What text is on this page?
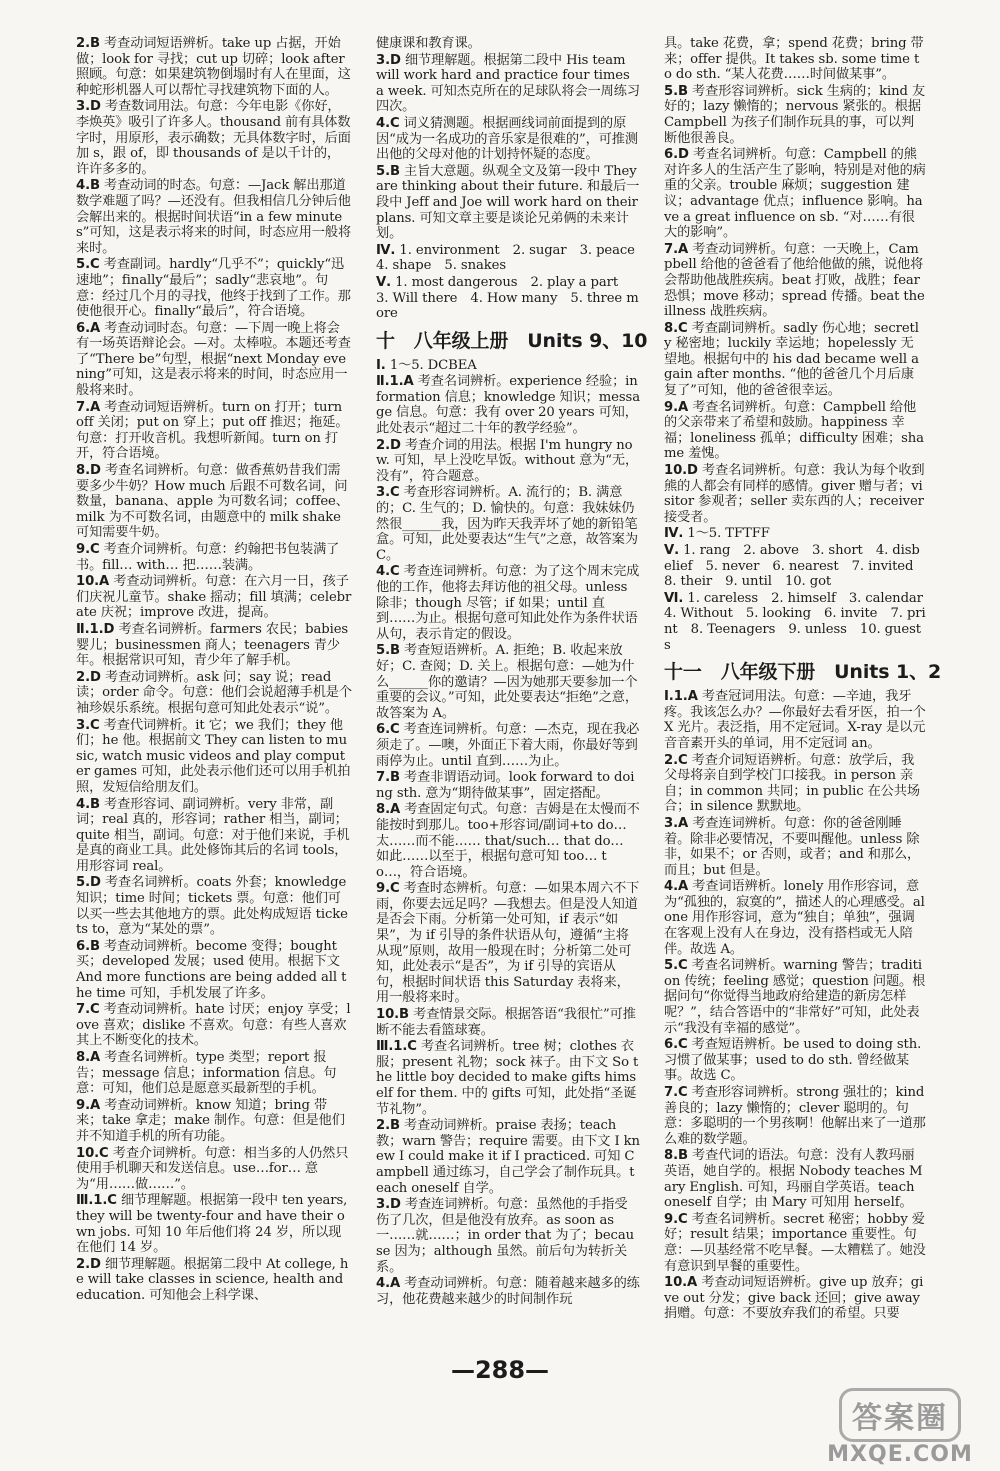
2.B 考查动词短语辨析。take up 占据，开始做；look for 寻找；cut up 切碎；look after 照顾。句意：如果建筑物倒塌时有人在里面，这种蛇形机器人可以帮忙寻找建筑物下面的人。
3.D 考查数词用法。句意：今年电影《你好，李焕英》吸引了许多人。thousand 前有具体数字时，用原形，表示确数；无具体数字时，后面加 s，跟 of，即 thousands of 是以千计的，许许多多的。
4.B 考查动词的时态。句意：—Jack 解出那道数学难题了吗？—还没有。但我相信几分钟后他会解出来的。根据时间状语“in a few minutes”可知，这是表示将来的时间，时态应用一般将来时。
5.C 考查副词。hardly“几乎不”；quickly“迅速地”；finally“最后”；sadly“悲哀地”。句意：经过几个月的寻找，他终于找到了工作。那使他很开心。finally“最后”，符合语境。
6.A 考查动词时态。句意：—下周一晚上将会有一场英语辩论会。—对。太棒啦。本题还考查了“There be”句型，根据“next Monday evening”可知，这是表示将来的时间，时态应用一般将来时。
7.A 考查动词短语辨析。turn on 打开；turn off 关闭；put on 穿上；put off 推迟；拖延。句意：打开收音机。我想听新闻。turn on 打开，符合语境。
8.D 考查名词辨析。句意：做香蕉奶昔我们需要多少牛奶？How much 后跟不可数名词，问数量，banana、apple 为可数名词；coffee、milk 为不可数名词，由题意中的 milk shake 可知需要牛奶。
9.C 考查介词辨析。句意：约翰把书包装满了书。fill… with… 把……装满。
10.A 考查动词辨析。句意：在六月一日，孩子们庆祝儿童节。shake 摇动；fill 填满；celebrate 庆祝；improve 改进，提高。
Ⅱ.1.D 考查名词辨析。farmers 农民；babies 婴儿；businessmen 商人；teenagers 青少年。根据常识可知，青少年了解手机。
2.D 考查动词辨析。ask 问；say 说；read 读；order 命令。句意：他们会说超薄手机是个袖珍娱乐系统。根据句意可知此处表示“说”。
3.C 考查代词辨析。it 它；we 我们；they 他们；he 他。根据前文 They can listen to music, watch music videos and play computer games 可知，此处表示他们还可以用手机拍照，发短信给朋友们。
4.B 考查形容词、副词辨析。very 非常，副词；real 真的，形容词；rather 相当，副词；quite 相当，副词。句意：对于他们来说，手机是真的商业工具。此处修饰其后的名词 tools，用形容词 real。
5.D 考查名词辨析。coats 外套；knowledge 知识；time 时间；tickets 票。句意：他们可以买一些去其他地方的票。此处构成短语 tickets to，意为“某处的票”。
6.B 考查动词辨析。become 变得；bought 买；developed 发展；used 使用。根据下文 And more functions are being added all the time 可知，手机发展了许多。
7.C 考查动词辨析。hate 讨厌；enjoy 享受；love 喜欢；dislike 不喜欢。句意：有些人喜欢其上不断变化的技术。
8.A 考查名词辨析。type 类型；report 报告；message 信息；information 信息。句意：可知，他们总是愿意买最新型的手机。
9.A 考查动词辨析。know 知道；bring 带来；take 拿走；make 制作。句意：但是他们并不知道手机的所有功能。
10.C 考查介词辨析。句意：相当多的人仍然只使用手机聊天和发送信息。use…for… 意为“用……做……”。
Ⅲ.1.C 细节理解题。根据第一段中 ten years, they will be twenty-four and have their own jobs. 可知 10 年后他们将 24 岁，所以现在他们 14 岁。
2.D 细节理解题。根据第二段中 At college, he will take classes in science, health and education. 可知他会上科学课、
健康课和教育课。
3.D 细节理解题。根据第二段中 His team will work hard and practice four times a week. 可知杰克所在的足球队将会一周练习四次。
4.C 词义猜测题。根据画线词前面提到的原因“成为一名成功的音乐家是很难的”，可推测出他的父母对他的计划持怀疑的态度。
5.B 主旨大意题。纵观全文及第一段中 They are thinking about their future. 和最后一段中 Jeff and Joe will work hard on their plans. 可知文章主要是谈论兄弟俩的未来计划。
Ⅳ. 1. environment　2. sugar　3. peace　4. shape　5. snakes
Ⅴ. 1. most dangerous　2. play a part　3. Will there　4. How many　5. three more
十　八年级上册　Units 9、10
Ⅰ. 1～5. DCBEA
Ⅱ.1.A 考查名词辨析。experience 经验；information 信息；knowledge 知识；message 信息。句意：我有 over 20 years 可知，此处表示“超过二十年的教学经验”。
2.D 考查介词的用法。根据 I'm hungry now. 可知，早上没吃早饭。without 意为“无，没有”，符合题意。
3.C 考查形容词辨析。A. 流行的；B. 满意的；C. 生气的；D. 愉快的。句意：我妹妹仍然很______我，因为昨天我弄坏了她的新铅笔盒。可知，此处要表达“生气”之意，故答案为 C。
4.C 考查连词辨析。句意：为了这个周末完成他的工作，他将去拜访他的祖父母。unless 除非；though 尽管；if 如果；until 直到……为止。根据句意可知此处作为条件状语从句，表示肯定的假设。
5.B 考查短语辨析。A. 拒绝；B. 收起来放好；C. 查阅；D. 关上。根据句意：—她为什么______你的邀请？—因为她那天要参加一个重要的会议。”可知，此处要表达“拒绝”之意，故答案为 A。
6.C 考查连词辨析。句意：—杰克，现在我必须走了。—噢，外面正下着大雨，你最好等到雨停为止。until 直到……为止。
7.B 考查非谓语动词。look forward to doing sth. 意为“期待做某事”，固定搭配。
8.A 考查固定句式。句意：吉姆是在太慢而不能按时到那儿。too+形容词/副词+to do… 太……而不能…… that/such… that do… 如此……以至于，根据句意可知 too… to…，符合语境。
9.C 考查时态辨析。句意：—如果本周六不下雨，你要去远足吗？—我想去。但是没人知道是否会下雨。分析第一处可知，if 表示“如果”，为 if 引导的条件状语从句，遵循“主将从现”原则，故用一般现在时；分析第二处可知，此处表示“是否”，为 if 引导的宾语从句，根据时间状语 this Saturday 表将来，用一般将来时。
10.B 考查情景交际。根据答语“我很忙”可推断不能去看篮球赛。
Ⅲ.1.C 考查名词辨析。tree 树；clothes 衣服；present 礼物；sock 袜子。由下文 So the little boy decided to make gifts himself for them. 中的 gifts 可知，此处指“圣诞节礼物”。
2.B 考查动词辨析。praise 表扬；teach 教；warn 警告；require 需要。由下文 I knew I could make it if I practiced. 可知 Campbell 通过练习，自己学会了制作玩具。teach oneself 自学。
3.D 考查连词辨析。句意：虽然他的手指受伤了几次，但是他没有放弃。as soon as 一……就……；in order that 为了；because 因为；although 虽然。前后句为转折关系。
4.A 考查动词辨析。句意：随着越来越多的练习，他花费越来越少的时间制作玩
具。take 花费，拿；spend 花费；bring 带来；offer 提供。It takes sb. some time to do sth. “某人花费……时间做某事”。
5.B 考查形容词辨析。sick 生病的；kind 友好的；lazy 懒惰的；nervous 紧张的。根据 Campbell 为孩子们制作玩具的事，可以判断他很善良。
6.D 考查名词辨析。句意：Campbell 的熊对许多人的生活产生了影响，特别是对他的病重的父亲。trouble 麻烦；suggestion 建议；advantage 优点；influence 影响。have a great influence on sb. “对……有很大的影响”。
7.A 考查动词辨析。句意：一天晚上，Campbell 给他的爸爸看了他给他做的熊，说他将会帮助他战胜疾病。beat 打败，战胜；fear 恐惧；move 移动；spread 传播。beat the illness 战胜疾病。
8.C 考查副词辨析。sadly 伤心地；secretly 秘密地；luckily 幸运地；hopelessly 无望地。根据句中的 his dad became well again after months. “他的爸爸几个月后康复了”可知，他的爸爸很幸运。
9.A 考查名词辨析。句意：Campbell 给他的父亲带来了希望和鼓励。happiness 幸福；loneliness 孤单；difficulty 困难；shame 羞愧。
10.D 考查名词辨析。句意：我认为每个收到熊的人都会有同样的感情。giver 赠与者；visitor 参观者；seller 卖东西的人；receiver 接受者。
Ⅳ. 1～5. TFTFF
Ⅴ. 1. rang　2. above　3. short　4. disbelief　5. never　6. nearest　7. invited　8. their　9. until　10. got
Ⅵ. 1. careless　2. himself　3. calendar　4. Without　5. looking　6. invite　7. print　8. Teenagers　9. unless　10. guests
十一　八年级下册　Units 1、2
Ⅰ.1.A 考查冠词用法。句意：—辛迪，我牙疼。我该怎么办？—你最好去看牙医，拍一个 X 光片。表泛指，用不定冠词。X-ray 是以元音音素开头的单词，用不定冠词 an。
2.C 考查介词短语辨析。句意：放学后，我父母将亲自到学校门口接我。in person 亲自；in common 共同；in public 在公共场合；in silence 默默地。
3.A 考查连词辨析。句意：你的爸爸刚睡着。除非必要情况，不要叫醒他。unless 除非，如果不；or 否则，或者；and 和那么，而且；but 但是。
4.A 考查词语辨析。lonely 用作形容词，意为“孤独的，寂寞的”，描述人的心理感受。alone 用作形容词，意为“独自；单独”，强调在客观上没有人在身边，没有搭档或无人陪伴。故选 A。
5.C 考查名词辨析。warning 警告；tradition 传统；feeling 感觉；question 问题。根据问句“你觉得当地政府给建造的新房怎样呢？”，结合答语中的“非常好”可知，此处表示“我没有幸福的感觉”。
6.C 考查短语辨析。be used to doing sth. 习惯了做某事；used to do sth. 曾经做某事。故选 C。
7.C 考查形容词辨析。strong 强壮的；kind 善良的；lazy 懒惰的；clever 聪明的。句意：多聪明的一个男孩啊！他解出来了一道那么难的数学题。
8.B 考查代词的语法。句意：没有人教玛丽英语，她自学的。根据 Nobody teaches Mary English. 可知，玛丽自学英语。teach oneself 自学；由 Mary 可知用 herself。
9.C 考查名词辨析。secret 秘密；hobby 爱好；result 结果；importance 重要性。句意：—贝基经常不吃早餐。—太糟糕了。她没有意识到早餐的重要性。
10.A 考查动词短语辨析。give up 放弃；give out 分发；give back 还回；give away 捐赠。句意：不要放弃我们的希望。只要
—288—
答案圈
MXQE.COM
